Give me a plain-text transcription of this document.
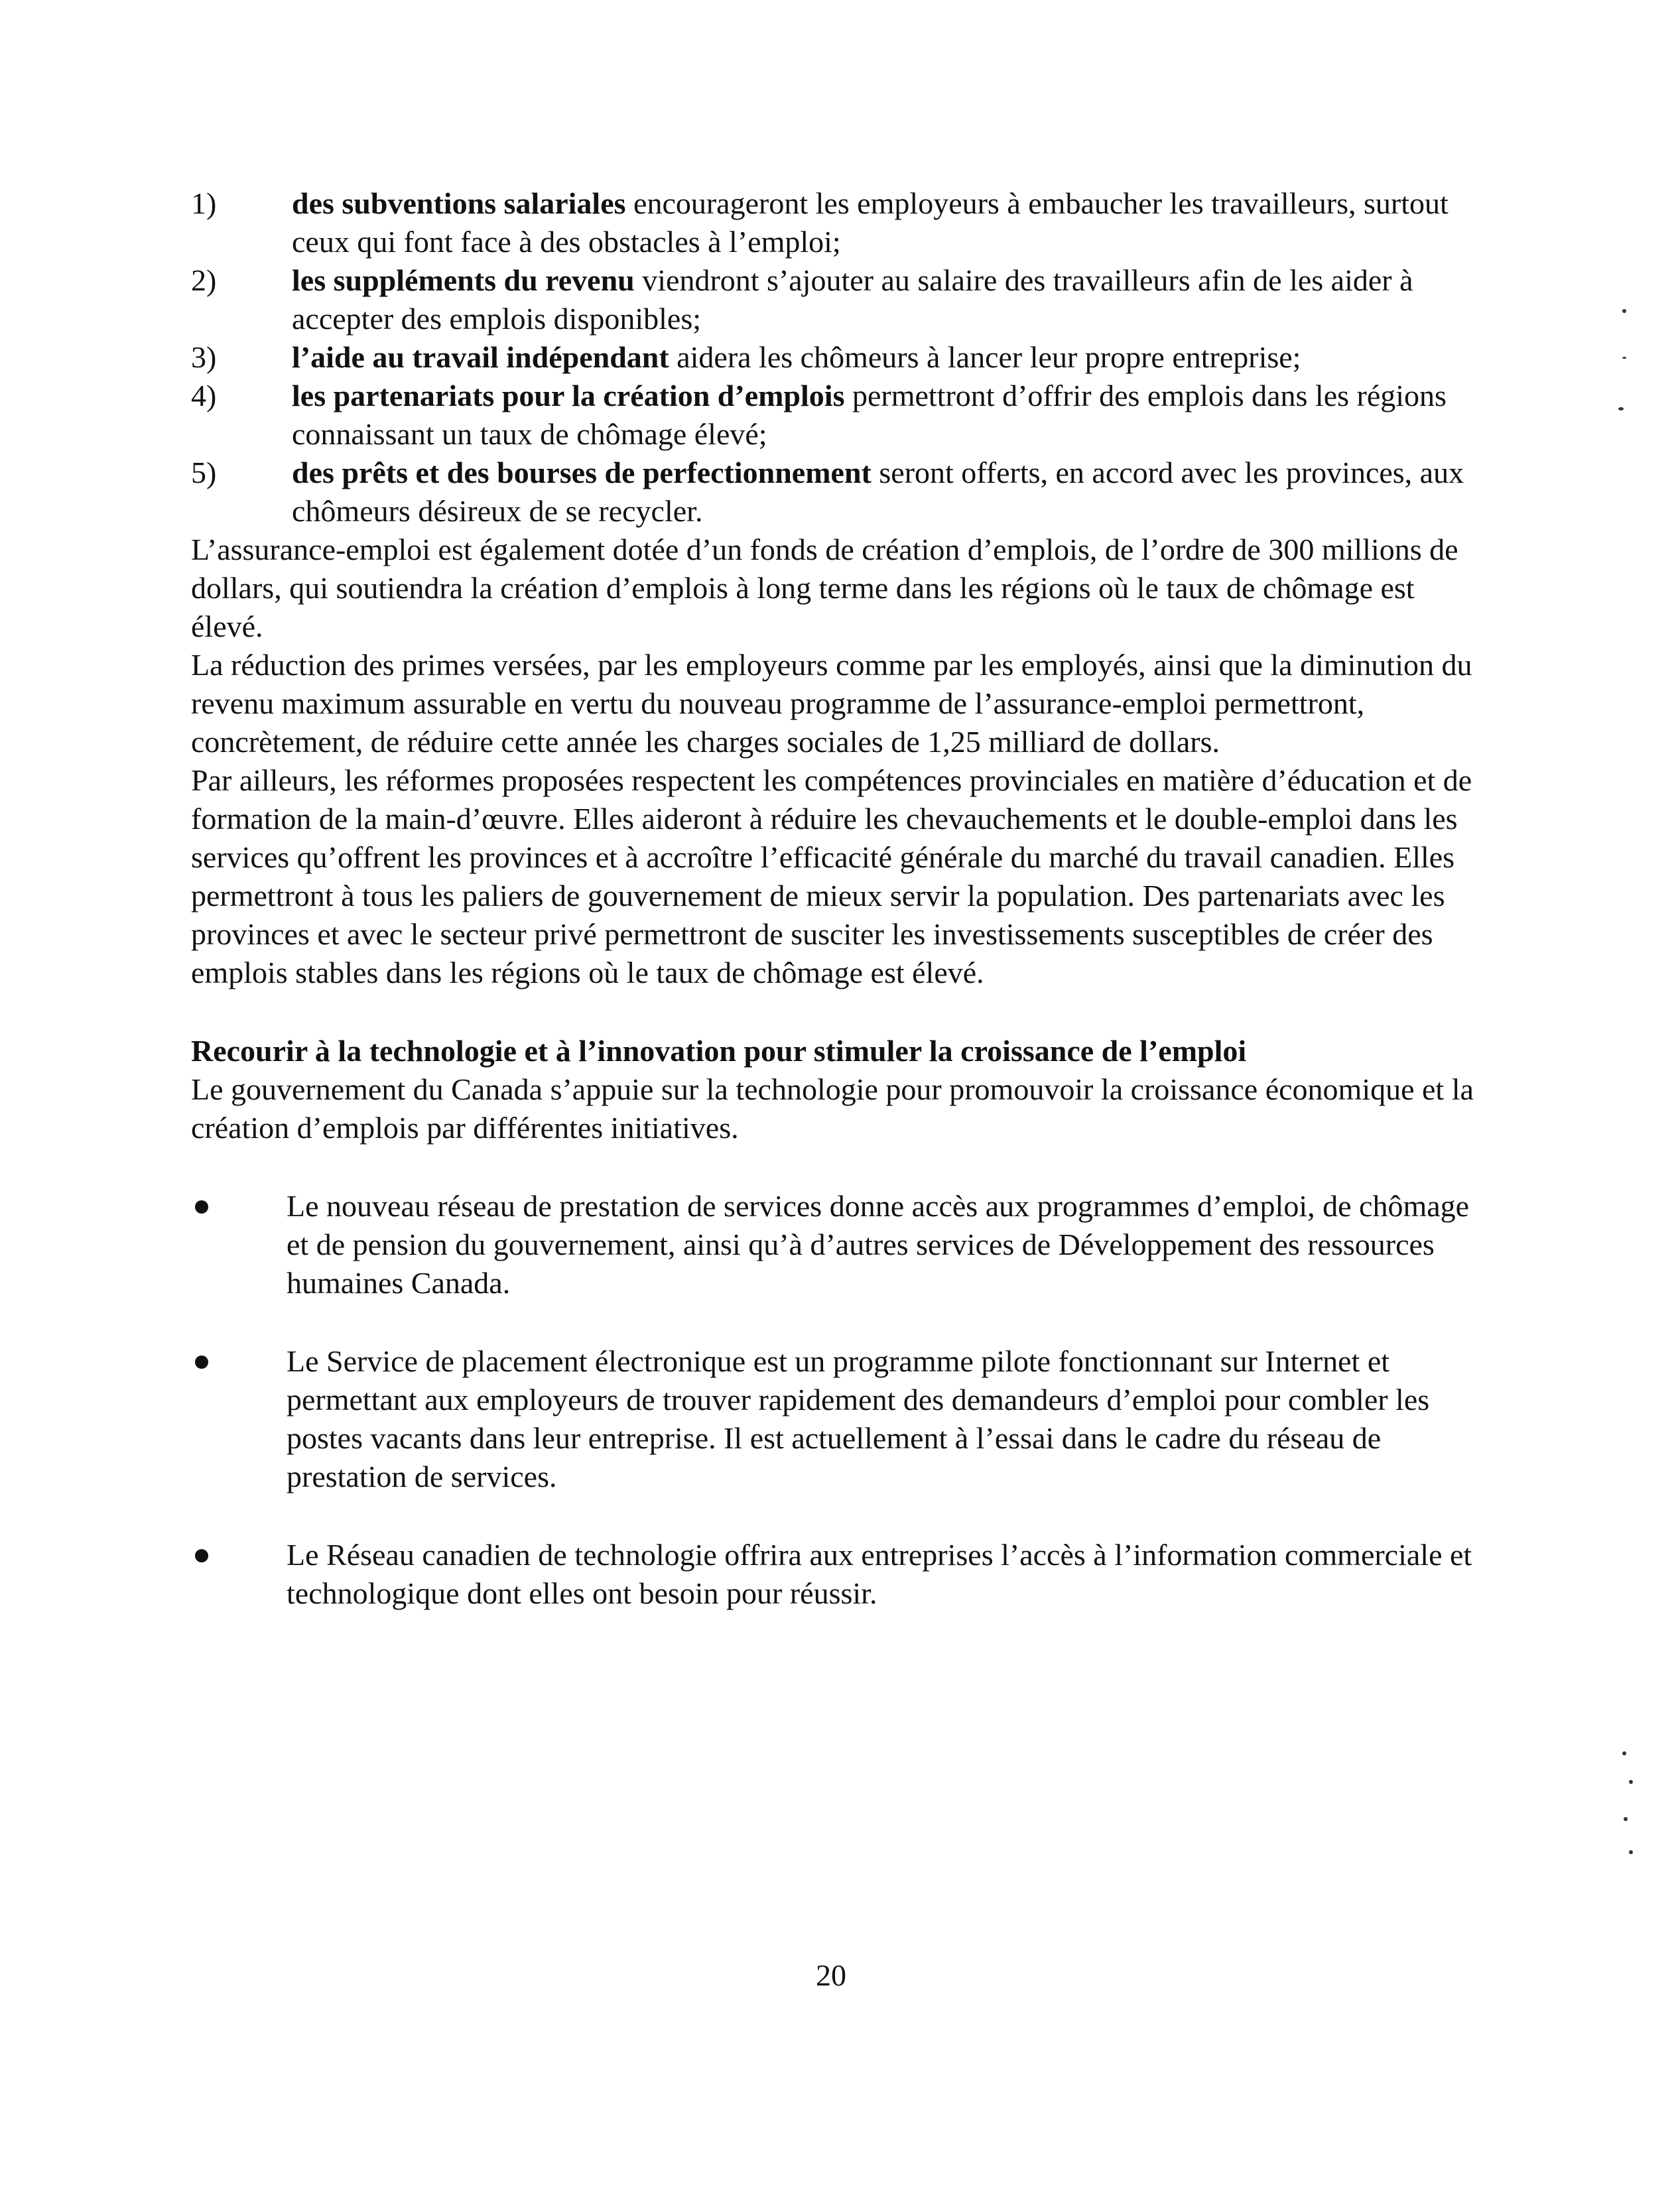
1)	des subventions salariales encourageront les employeurs à embaucher les travailleurs, surtout ceux qui font face à des obstacles à l’emploi;
2)	les suppléments du revenu viendront s’ajouter au salaire des travailleurs afin de les aider à accepter des emplois disponibles;
3)	l’aide au travail indépendant aidera les chômeurs à lancer leur propre entreprise;
4)	les partenariats pour la création d’emplois permettront d’offrir des emplois dans les régions connaissant un taux de chômage élevé;
5)	des prêts et des bourses de perfectionnement seront offerts, en accord avec les provinces, aux chômeurs désireux de se recycler.

L’assurance-emploi est également dotée d’un fonds de création d’emplois, de l’ordre de 300 millions de dollars, qui soutiendra la création d’emplois à long terme dans les régions où le taux de chômage est élevé.

La réduction des primes versées, par les employeurs comme par les employés, ainsi que la diminution du revenu maximum assurable en vertu du nouveau programme de l’assurance-emploi permettront, concrètement, de réduire cette année les charges sociales de 1,25 milliard de dollars.

Par ailleurs, les réformes proposées respectent les compétences provinciales en matière d’éducation et de formation de la main-d’œuvre. Elles aideront à réduire les chevauchements et le double-emploi dans les services qu’offrent les provinces et à accroître l’efficacité générale du marché du travail canadien. Elles permettront à tous les paliers de gouvernement de mieux servir la population. Des partenariats avec les provinces et avec le secteur privé permettront de susciter les investissements susceptibles de créer des emplois stables dans les régions où le taux de chômage est élevé.

Recourir à la technologie et à l’innovation pour stimuler la croissance de l’emploi

Le gouvernement du Canada s’appuie sur la technologie pour promouvoir la croissance économique et la création d’emplois par différentes initiatives.

Le nouveau réseau de prestation de services donne accès aux programmes d’emploi, de chômage et de pension du gouvernement, ainsi qu’à d’autres services de Développement des ressources humaines Canada.
Le Service de placement électronique est un programme pilote fonctionnant sur Internet et permettant aux employeurs de trouver rapidement des demandeurs d’emploi pour combler les postes vacants dans leur entreprise. Il est actuellement à l’essai dans le cadre du réseau de prestation de services.
Le Réseau canadien de technologie offrira aux entreprises l’accès à l’information commerciale et technologique dont elles ont besoin pour réussir.
20
